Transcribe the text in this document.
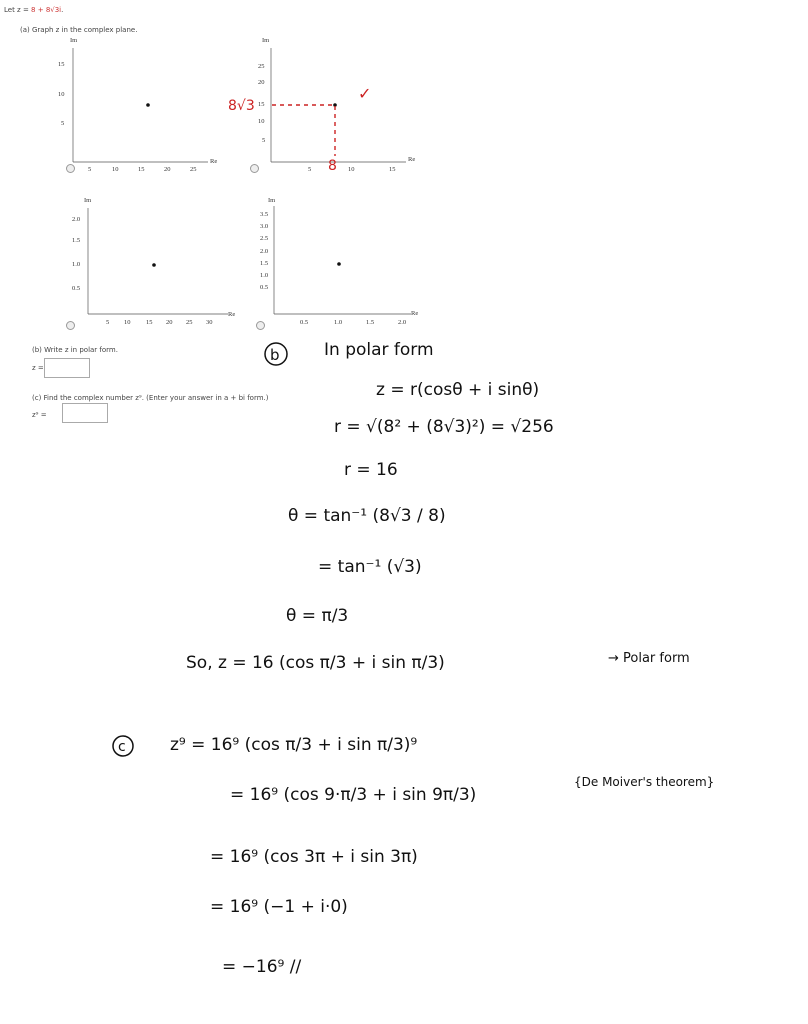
Let z = 8 + 8√3i.
(a) Graph z in the complex plane.
Im
15
10
5
5	10	15	20	25
Re
Im
25
20
15
10
5
5	10	15
Re
Im
2.0
1.5
1.0
0.5
5 10 15 20 25 30
Re
Im
3.5
3.0
2.5
2.0
1.5
1.0
0.5
0.5	1.0	1.5	2.0
Re
(b) Write z in polar form.
z =
(c) Find the complex number z⁹. (Enter your answer in a + bi form.)
z⁹ =
8√3
8
✓
b	In polar form
z = r(cosθ + i sinθ)
r = √(8² + (8√3)²) = √256
r = 16
θ = tan⁻¹ (8√3 / 8)
= tan⁻¹ (√3)
θ = π/3
So, z = 16 (cos π/3 + i sin π/3)	→ Polar form
c	z⁹ = 16⁹ (cos π/3 + i sin π/3)⁹
= 16⁹ (cos 9·π/3 + i sin 9π/3)
{De Moiver's theorem}
= 16⁹ (cos 3π + i sin 3π)
= 16⁹ (−1 + i·0)
= −16⁹ //
